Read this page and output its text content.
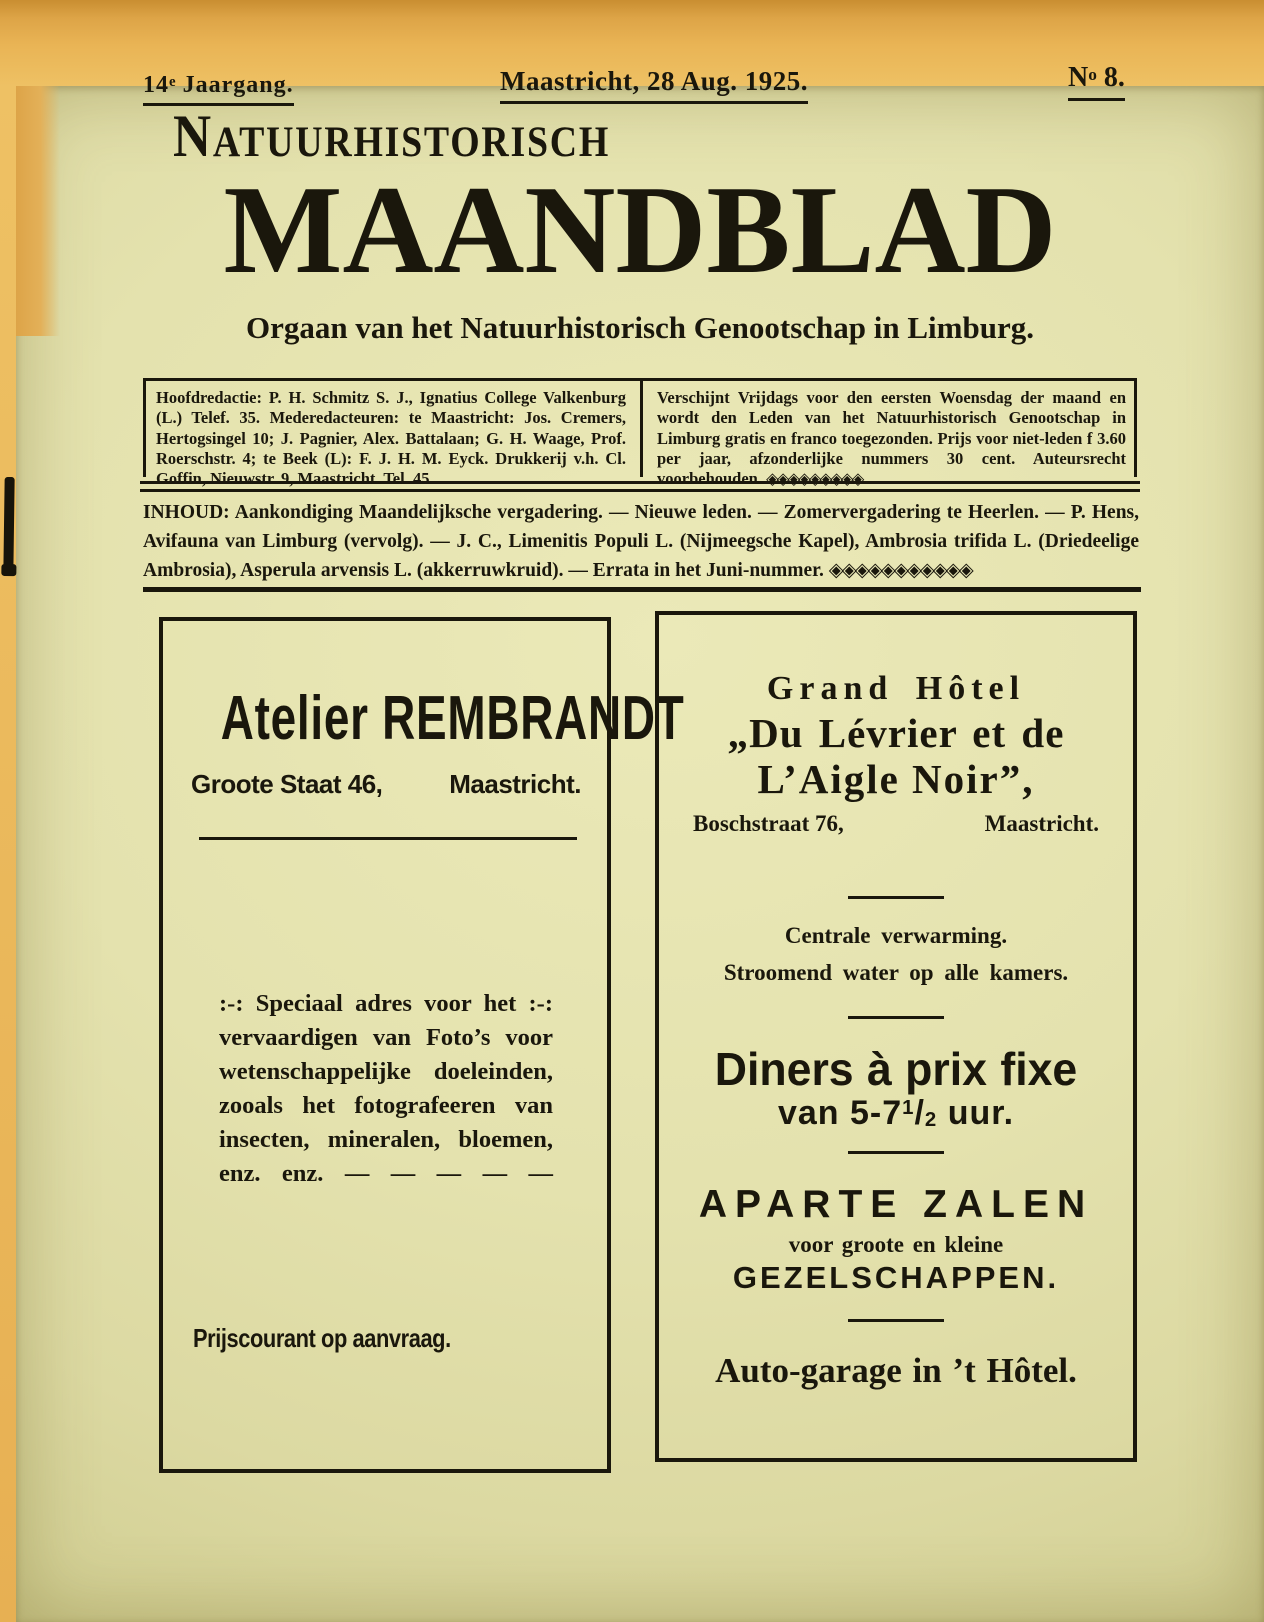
14e Jaargang.	Maastricht, 28 Aug. 1925.	$N^o$ 8.
NATUURHISTORISCH
MAANDBLAD
Orgaan van het Natuurhistorisch Genootschap in Limburg.
Hoofdredactie: P. H. Schmitz S. J., Ignatius College Valkenburg (L.) Telef. 35. Mederedacteuren: te Maastricht: Jos. Cremers, Hertogsingel 10; J. Pagnier, Alex. Battalaan; G. H. Waage, Prof. Roerschstr. 4; te Beek (L): F. J. H. M. Eyck. Drukkerij v.h. Cl. Goffin, Nieuwstr. 9, Maastricht. Tel. 45.
Verschijnt Vrijdags voor den eersten Woensdag der maand en wordt den Leden van het Natuurhistorisch Genootschap in Limburg gratis en franco toegezonden. Prijs voor niet-leden f 3.60 per jaar, afzonderlijke nummers 30 cent. Auteursrecht voorbehouden. ◈◈◈◈◈◈◈◈◈
INHOUD: Aankondiging Maandelijksche vergadering. — Nieuwe leden. — Zomervergadering te Heerlen. — P. Hens, Avifauna van Limburg (vervolg). — J. C., Limenitis Populi L. (Nijmeegsche Kapel), Ambrosia trifida L. (Driedeelige Ambrosia), Asperula arvensis L. (akkerruwkruid). — Errata in het Juni-nummer. ◈◈◈◈◈◈◈◈◈◈◈
Atelier REMBRANDT
Groote Staat 46,	Maastricht.
:-: Speciaal adres voor het :-:
vervaardigen van Foto’s voor
wetenschappelijke doeleinden,
zooals het fotografeeren van
insecten, mineralen, bloemen,
enz. enz. — — — — —
Prijscourant op aanvraag.
Grand Hôtel
„Du Lévrier et de
L’Aigle Noir”,
Boschstraat 76,	Maastricht.
Centrale verwarming.
Stroomend water op alle kamers.
Diners à prix fixe
van $5-7^1/2$ uur.
APARTE ZALEN
voor groote en kleine
GEZELSCHAPPEN.
Auto-garage in ’t Hôtel.
